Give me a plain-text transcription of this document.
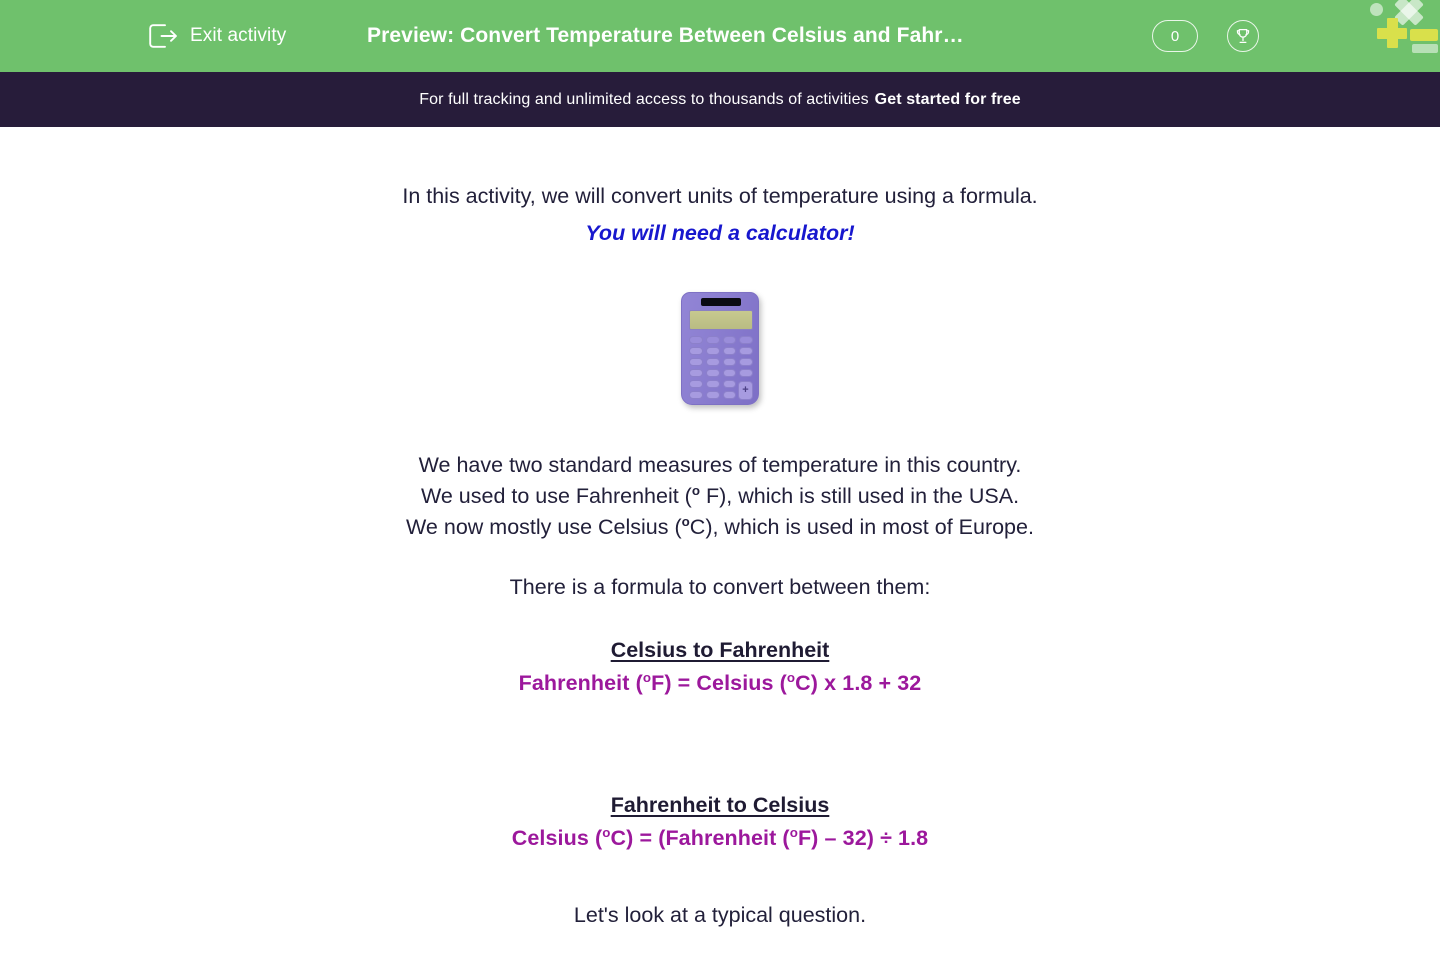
Exit activity	Preview: Convert Temperature Between Celsius and Fahr…	0
For full tracking and unlimited access to thousands of activities Get started for free
In this activity, we will convert units of temperature using a formula.
You will need a calculator!
+
We have two standard measures of temperature in this country.
We used to use Fahrenheit ($^o$ F), which is still used in the USA.
We now mostly use Celsius ($^o$C), which is used in most of Europe.
There is a formula to convert between them:
Celsius to Fahrenheit
Fahrenheit ($^o$F) = Celsius ($^o$C) x 1.8 + 32
Fahrenheit to Celsius
Celsius ($^o$C) = (Fahrenheit ($^o$F) – 32) ÷ 1.8
Let's look at a typical question.
